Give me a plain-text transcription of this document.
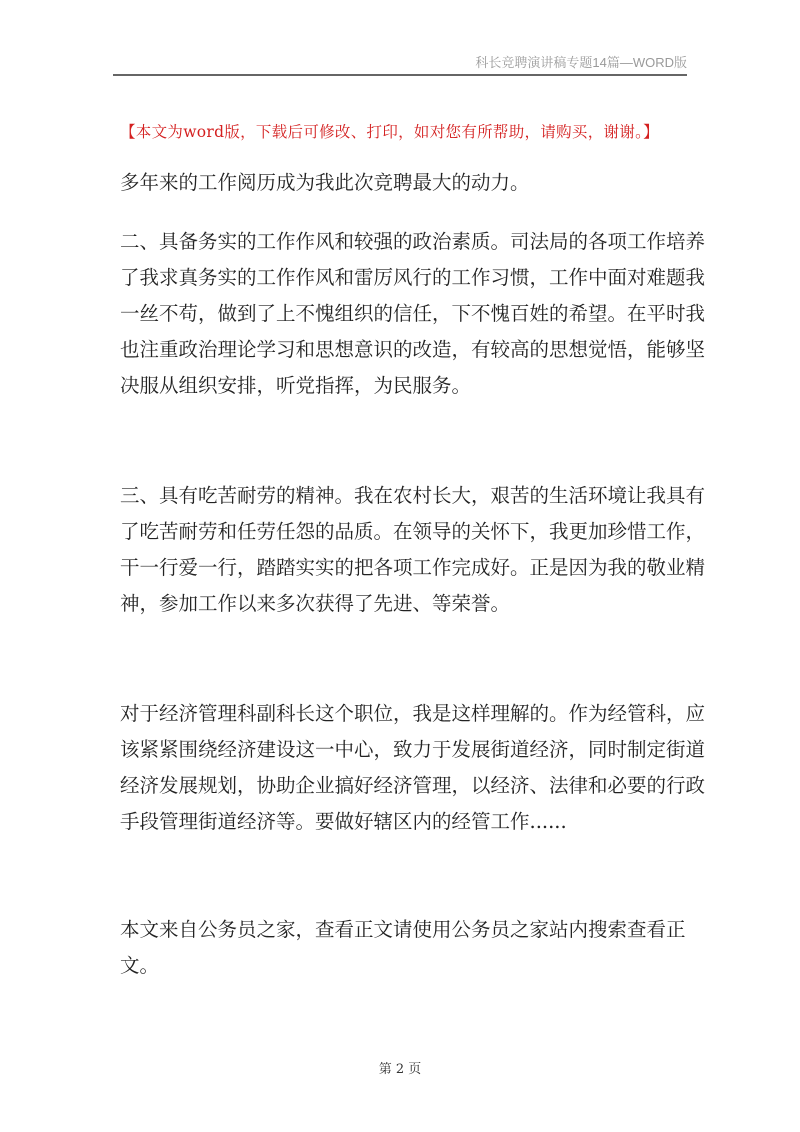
科长竞聘演讲稿专题14篇—WORD版
【本文为word版，下载后可修改、打印，如对您有所帮助，请购买，谢谢。】
多年来的工作阅历成为我此次竞聘最大的动力。
二、具备务实的工作作风和较强的政治素质。司法局的各项工作培养
了我求真务实的工作作风和雷厉风行的工作习惯，工作中面对难题我
一丝不苟，做到了上不愧组织的信任，下不愧百姓的希望。在平时我
也注重政治理论学习和思想意识的改造，有较高的思想觉悟，能够坚
决服从组织安排，听党指挥，为民服务。
三、具有吃苦耐劳的精神。我在农村长大，艰苦的生活环境让我具有
了吃苦耐劳和任劳任怨的品质。在领导的关怀下，我更加珍惜工作，
干一行爱一行，踏踏实实的把各项工作完成好。正是因为我的敬业精
神，参加工作以来多次获得了先进、等荣誉。
对于经济管理科副科长这个职位，我是这样理解的。作为经管科，应
该紧紧围绕经济建设这一中心，致力于发展街道经济，同时制定街道
经济发展规划，协助企业搞好经济管理，以经济、法律和必要的行政
手段管理街道经济等。要做好辖区内的经管工作......
本文来自公务员之家，查看正文请使用公务员之家站内搜索查看正
文。
第 2 页
